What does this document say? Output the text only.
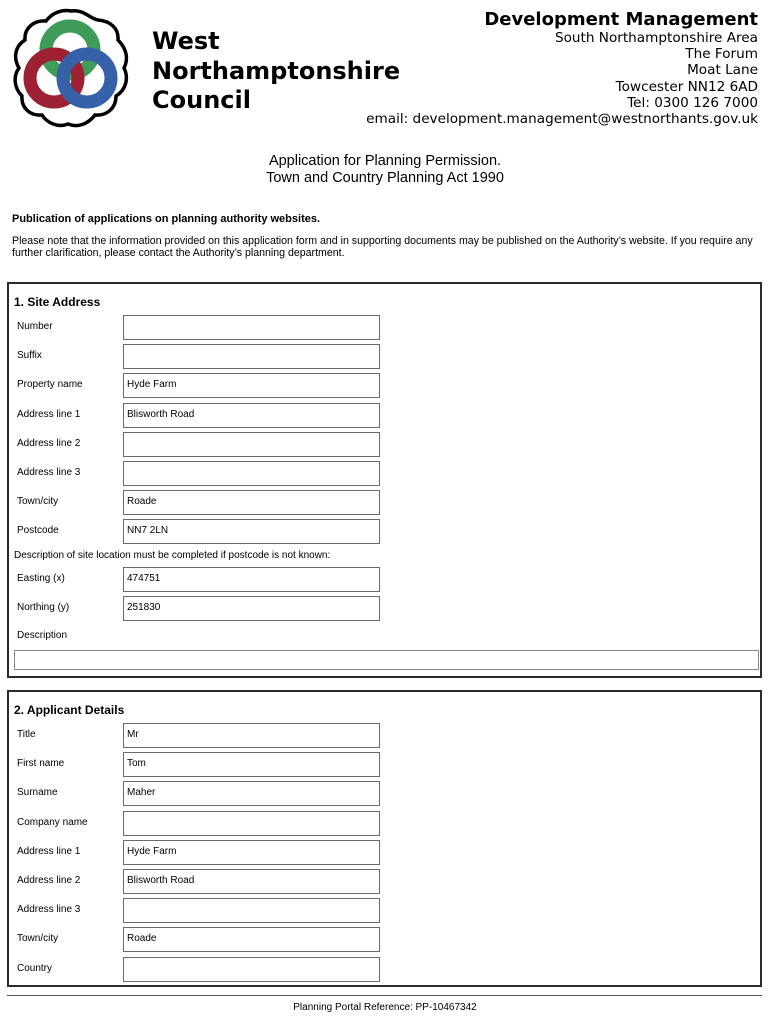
West
Northamptonshire
Council
Development Management
South Northamptonshire Area
The Forum
Moat Lane
Towcester NN12 6AD
Tel: 0300 126 7000
email: development.management@westnorthants.gov.uk
Application for Planning Permission.
Town and Country Planning Act 1990
Publication of applications on planning authority websites.
Please note that the information provided on this application form and in supporting documents may be published on the Authority’s website. If you require any further clarification, please contact the Authority’s planning department.
1. Site Address
Number
Suffix
Property name	Hyde Farm
Address line 1	Blisworth Road
Address line 2
Address line 3
Town/city	Roade
Postcode	NN7 2LN
Description of site location must be completed if postcode is not known:
Easting (x)	474751
Northing (y)	251830
Description
2. Applicant Details
Title	Mr
First name	Tom
Surname	Maher
Company name
Address line 1	Hyde Farm
Address line 2	Blisworth Road
Address line 3
Town/city	Roade
Country
Planning Portal Reference: PP-10467342
